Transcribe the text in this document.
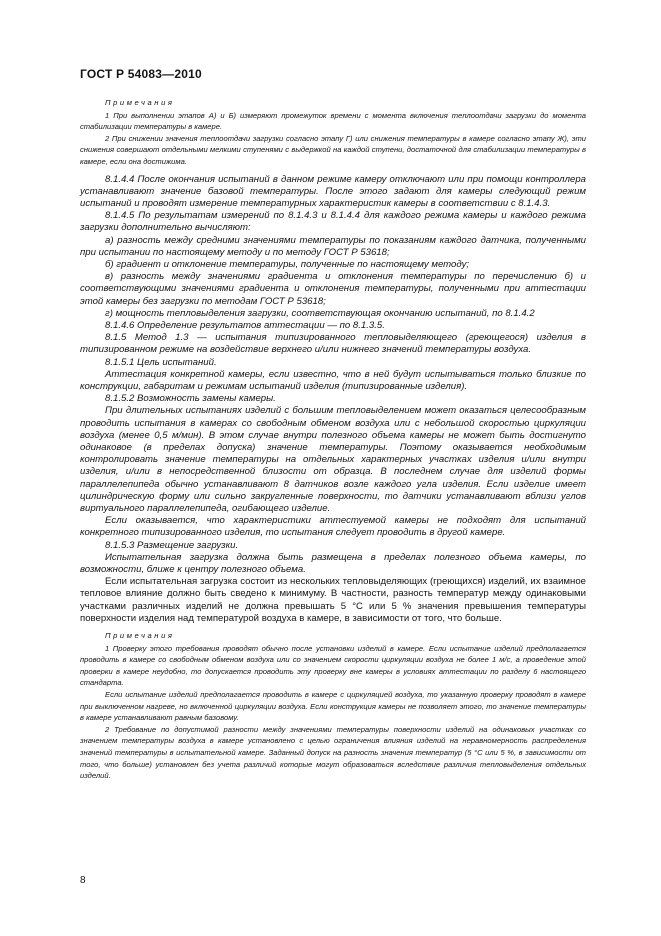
ГОСТ Р 54083—2010

Примечания

1 При выполнении этапов А) и Б) измеряют промежуток времени с момента включения теплоотдачи загрузки до момента стабилизации температуры в камере.

2 При снижении значения теплоотдачи загрузки согласно этапу Г) или снижения температуры в камере согласно этапу Ж), эти снижения совершают отдельными мелкими ступенями с выдержкой на каждой ступени, достаточной для стабилизации температуры в камере, если она достижима.

8.1.4.4 После окончания испытаний в данном режиме камеру отключают или при помощи контроллера устанавливают значение базовой температуры. После этого задают для камеры следующий режим испытаний и проводят измерение температурных характеристик камеры в соответствии с 8.1.4.3.

8.1.4.5 По результатам измерений по 8.1.4.3 и 8.1.4.4 для каждого режима камеры и каждого режима загрузки дополнительно вычисляют:

а) разность между средними значениями температуры по показаниям каждого датчика, полученными при испытании по настоящему методу и по методу ГОСТ Р 53618;

б) градиент и отклонение температуры, полученные по настоящему методу;

в) разность между значениями градиента и отклонения температуры по перечислению б) и соответствующими значениями градиента и отклонения температуры, полученными при аттестации этой камеры без загрузки по методам ГОСТ Р 53618;

г) мощность тепловыделения загрузки, соответствующая окончанию испытаний, по 8.1.4.2

8.1.4.6 Определение результатов аттестации — по 8.1.3.5.

8.1.5 Метод 1.3 — испытания типизированного тепловыделяющего (греющегося) изделия в типизированном режиме на воздействие верхнего и/или нижнего значений температуры воздуха.

8.1.5.1 Цель испытаний.

Аттестация конкретной камеры, если известно, что в ней будут испытываться только близкие по конструкции, габаритам и режимам испытаний изделия (типизированные изделия).

8.1.5.2 Возможность замены камеры.

При длительных испытаниях изделий с большим тепловыделением может оказаться целесообразным проводить испытания в камерах со свободным обменом воздуха или с небольшой скоростью циркуляции воздуха (менее 0,5 м/мин). В этом случае внутри полезного объема камеры не может быть достигнуто одинаковое (в пределах допуска) значение температуры. Поэтому оказывается необходимым контролировать значение температуры на отдельных характерных участках изделия и/или внутри изделия, и/или в непосредственной близости от образца. В последнем случае для изделий формы параллелепипеда обычно устанавливают 8 датчиков возле каждого угла изделия. Если изделие имеет цилиндрическую форму или сильно закругленные поверхности, то датчики устанавливают вблизи углов виртуального параллелепипеда, огибающего изделие.

Если оказывается, что характеристики аттестуемой камеры не подходят для испытаний конкретного типизированного изделия, то испытания следует проводить в другой камере.

8.1.5.3 Размещение загрузки.

Испытательная загрузка должна быть размещена в пределах полезного объема камеры, по возможности, ближе к центру полезного объема.

Если испытательная загрузка состоит из нескольких тепловыделяющих (греющихся) изделий, их взаимное тепловое влияние должно быть сведено к минимуму. В частности, разность температур между одинаковыми участками различных изделий не должна превышать 5 °С или 5 % значения превышения температуры поверхности изделия над температурой воздуха в камере, в зависимости от того, что больше.

Примечания

1 Проверку этого требования проводят обычно после установки изделий в камере. Если испытание изделий предполагается проводить в камере со свободным обменом воздуха или со значением скорости циркуляции воздуха не более 1 м/с, а проведение этой проверки в камере неудобно, то допускается проводить эту проверку вне камеры в условиях аттестации по разделу 6 настоящего стандарта.

Если испытание изделий предполагается проводить в камере с циркуляцией воздуха, то указанную проверку проводят в камере при выключенном нагреве, но включенной циркуляции воздуха. Если конструкция камеры не позволяет этого, то значение температуры в камере устанавливают равным базовому.

2 Требование по допустимой разности между значениями температуры поверхности изделий на одинаковых участках со значением температуры воздуха в камере установлено с целью ограничения влияния изделий на неравномерность распределения значений температуры в испытательной камере. Заданный допуск на разность значения температур (5 °С или 5 %, в зависимости от того, что больше) установлен без учета различий которые могут образоваться вследствие различия тепловыделения отдельных изделий.

8
